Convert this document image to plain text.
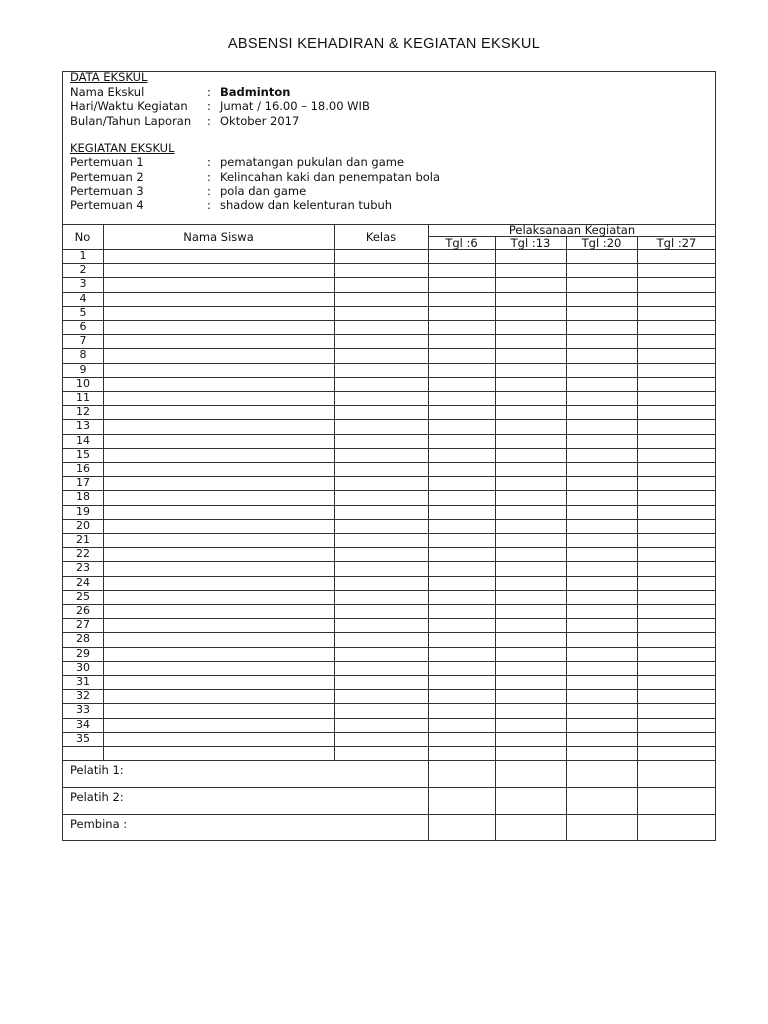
ABSENSI KEHADIRAN & KEGIATAN EKSKUL
DATA EKSKUL
Nama Ekskul	: Badminton
Hari/Waktu Kegiatan : Jumat / 16.00 – 18.00 WIB
Bulan/Tahun Laporan : Oktober 2017
KEGIATAN EKSKUL
Pertemuan 1	: pematangan pukulan dan game
Pertemuan 2	: Kelincahan kaki dan penempatan bola
Pertemuan 3	: pola dan game
Pertemuan 4	: shadow dan kelenturan tubuh
No	Nama Siswa	Kelas	Pelaksanaan Kegiatan
Tgl :6	Tgl :13	Tgl :20	Tgl :27
1
2
3
4
5
6
7
8
9
10
11
12
13
14
15
16
17
18
19
20
21
22
23
24
25
26
27
28
29
30
31
32
33
34
35
Pelatih 1:
Pelatih 2:
Pembina :
